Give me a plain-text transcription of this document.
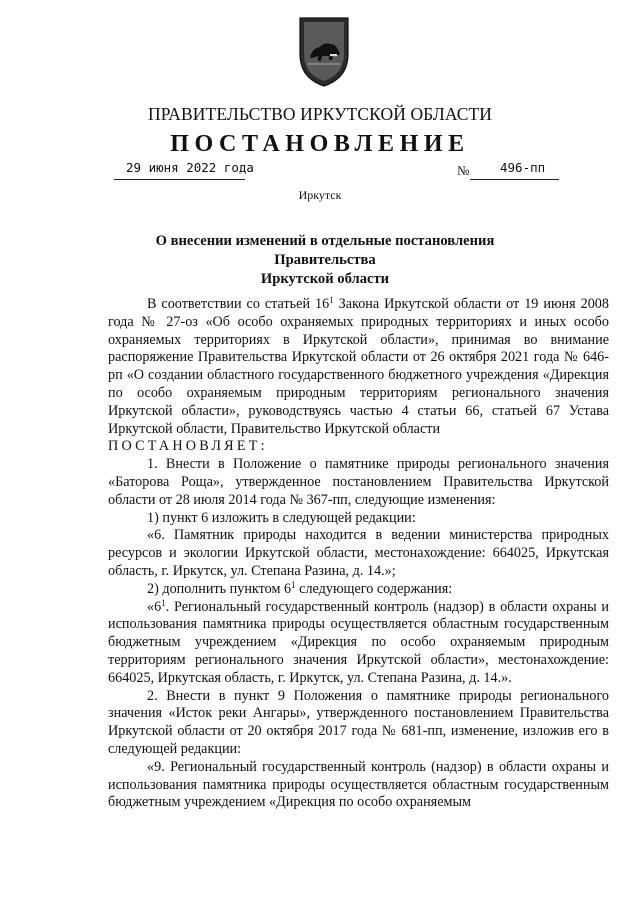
ПРАВИТЕЛЬСТВО ИРКУТСКОЙ ОБЛАСТИ
ПОСТАНОВЛЕНИЕ
29 июня 2022 года	№ 496-пп
Иркутск
О внесении изменений в отдельные постановления Правительства
Иркутской области

В соответствии со статьей $16^1$ Закона Иркутской области от 19 июня 2008 года № 27-оз «Об особо охраняемых природных территориях и иных особо охраняемых территориях в Иркутской области», принимая во внимание распоряжение Правительства Иркутской области от 26 октября 2021 года № 646-рп «О создании областного государственного бюджетного учреждения «Дирекция по особо охраняемым природным территориям регионального значения Иркутской области», руководствуясь частью 4 статьи 66, статьей 67 Устава Иркутской области, Правительство Иркутской области

ПОСТАНОВЛЯЕТ:

1. Внести в Положение о памятнике природы регионального значения «Баторова Роща», утвержденное постановлением Правительства Иркутской области от 28 июля 2014 года № 367-пп, следующие изменения:

1) пункт 6 изложить в следующей редакции:

«6. Памятник природы находится в ведении министерства природных ресурсов и экологии Иркутской области, местонахождение: 664025, Иркутская область, г. Иркутск, ул. Степана Разина, д. 14.»;

2) дополнить пунктом $6^1$ следующего содержания:

«$6^1$. Региональный государственный контроль (надзор) в области охраны и использования памятника природы осуществляется областным государственным бюджетным учреждением «Дирекция по особо охраняемым природным территориям регионального значения Иркутской области», местонахождение: 664025, Иркутская область, г. Иркутск, ул. Степана Разина, д. 14.».

2. Внести в пункт 9 Положения о памятнике природы регионального значения «Исток реки Ангары», утвержденного постановлением Правительства Иркутской области от 20 октября 2017 года № 681-пп, изменение, изложив его в следующей редакции:

«9. Региональный государственный контроль (надзор) в области охраны и использования памятника природы осуществляется областным государственным бюджетным учреждением «Дирекция по особо охраняемым
